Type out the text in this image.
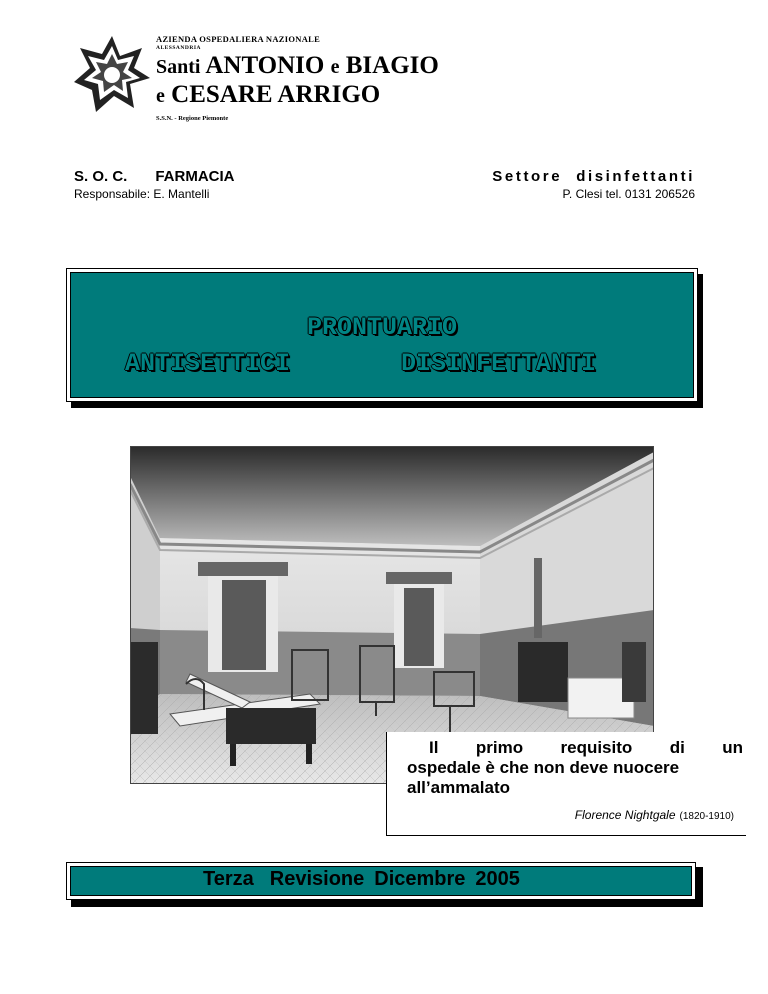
AZIENDA OSPEDALIERA NAZIONALE
ALESSANDRIA
Santi ANTONIO e BIAGIO
e CESARE ARRIGO
S.S.N. - Regione Piemonte
S. O. C. FARMACIA
Responsabile: E. Mantelli
Settore disinfettanti
P. Clesi tel. 0131 206526
PRONTUARIO
ANTISETTICI	DISINFETTANTI
Il primo requisito di un
ospedale è che non deve nuocere
all’ammalato
Florence Nightgale (1820-1910)
Terza Revisione Dicembre 2005
